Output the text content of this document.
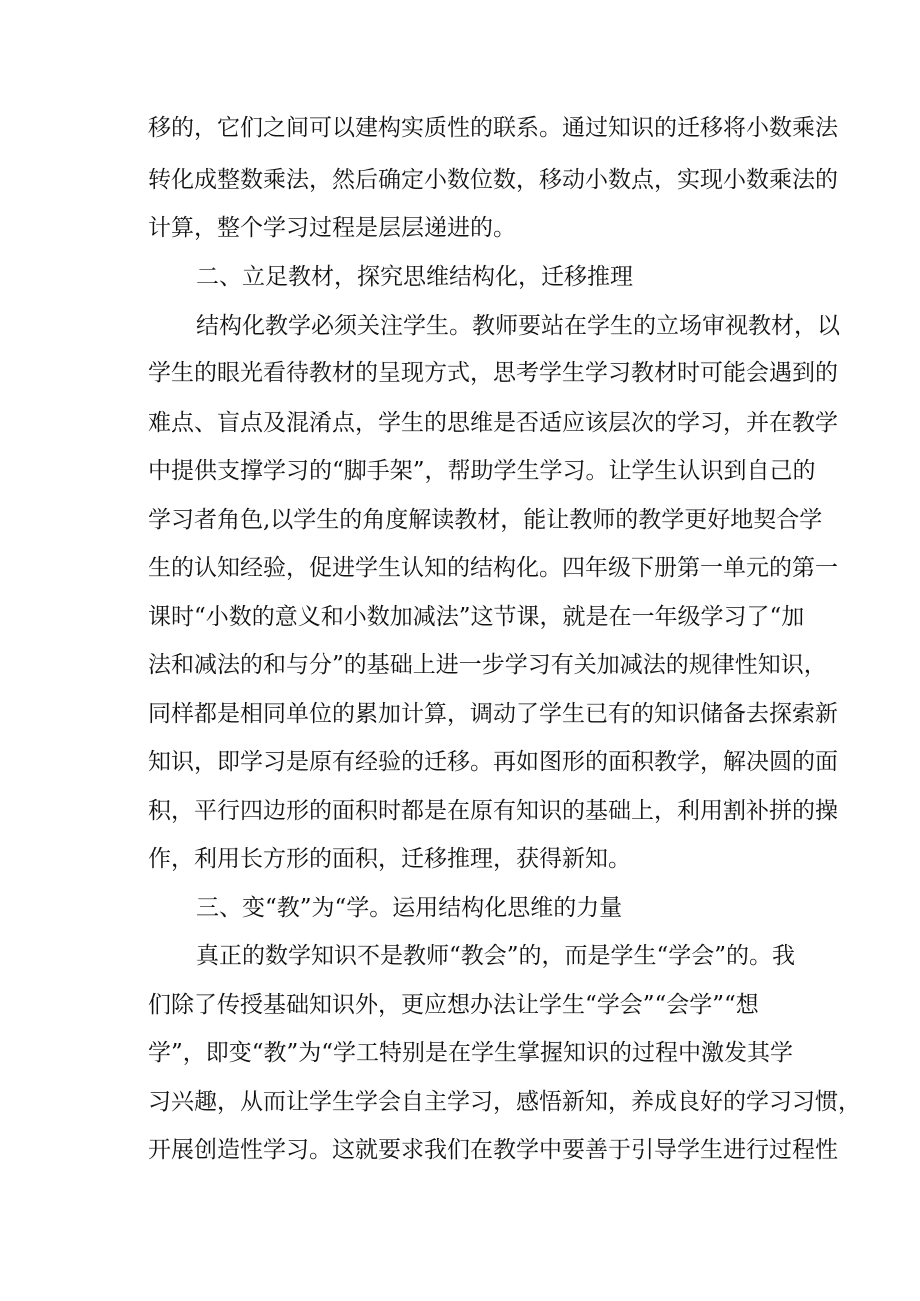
移的，它们之间可以建构实质性的联系。通过知识的迁移将小数乘法

转化成整数乘法，然后确定小数位数，移动小数点，实现小数乘法的

计算，整个学习过程是层层递进的。

二、立足教材，探究思维结构化，迁移推理

结构化教学必须关注学生。教师要站在学生的立场审视教材，以

学生的眼光看待教材的呈现方式，思考学生学习教材时可能会遇到的

难点、盲点及混淆点，学生的思维是否适应该层次的学习，并在教学

中提供支撑学习的“脚手架”，帮助学生学习。让学生认识到自己的

学习者角色,以学生的角度解读教材，能让教师的教学更好地契合学

生的认知经验，促进学生认知的结构化。四年级下册第一单元的第一

课时“小数的意义和小数加减法”这节课，就是在一年级学习了“加

法和减法的和与分”的基础上进一步学习有关加减法的规律性知识，

同样都是相同单位的累加计算，调动了学生已有的知识储备去探索新

知识，即学习是原有经验的迁移。再如图形的面积教学，解决圆的面

积，平行四边形的面积时都是在原有知识的基础上，利用割补拼的操

作，利用长方形的面积，迁移推理，获得新知。

三、变“教”为“学。运用结构化思维的力量

真正的数学知识不是教师“教会”的，而是学生“学会”的。我

们除了传授基础知识外，更应想办法让学生“学会”“会学”“想

学”，即变“教”为“学工特别是在学生掌握知识的过程中激发其学

习兴趣，从而让学生学会自主学习，感悟新知，养成良好的学习习惯，

开展创造性学习。这就要求我们在教学中要善于引导学生进行过程性
